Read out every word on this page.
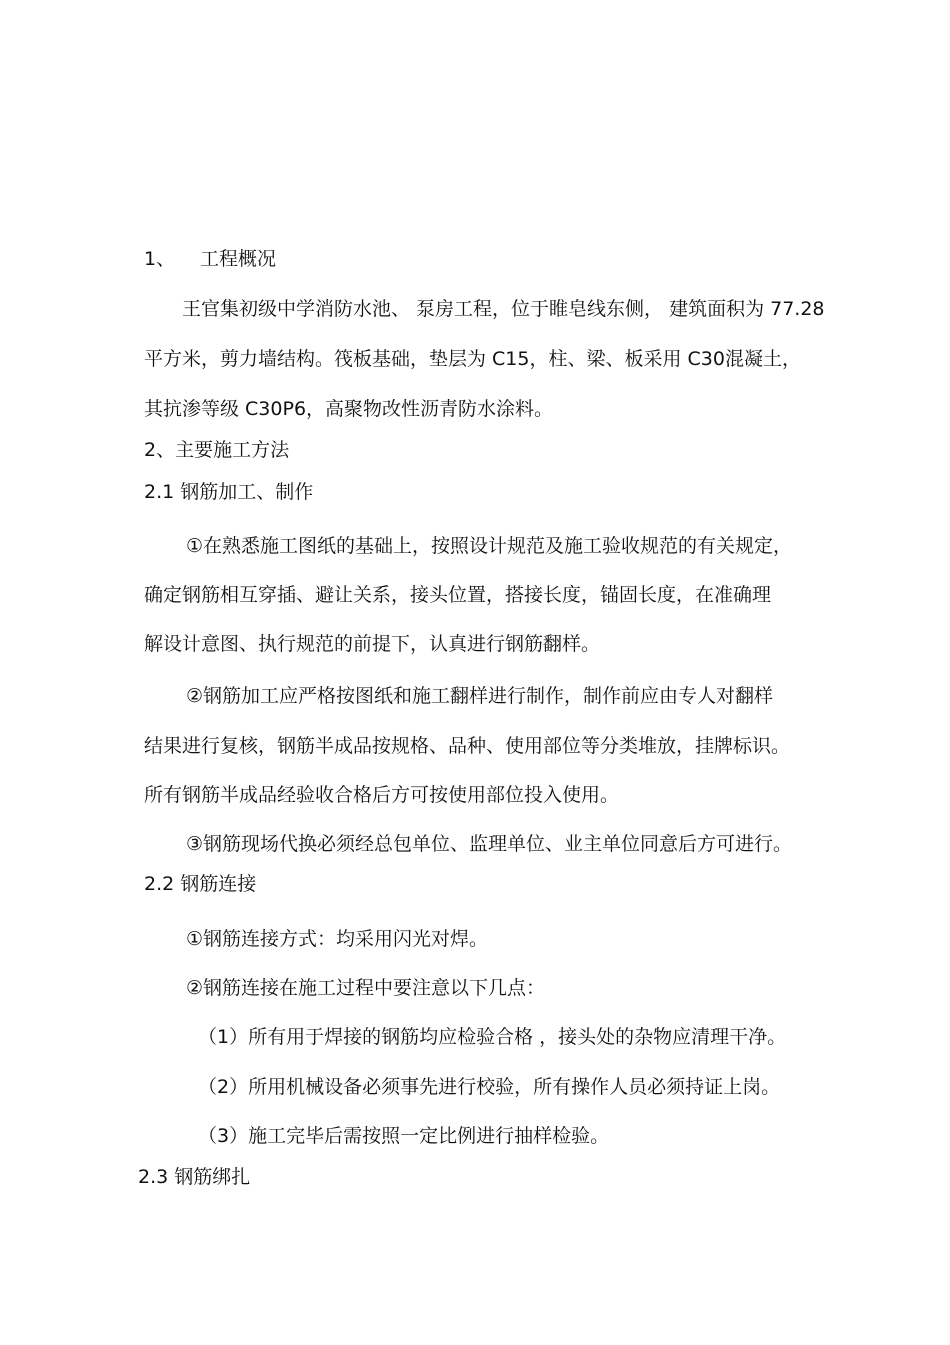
1、 工程概况
王官集初级中学消防水池、 泵房工程，位于睢皂线东侧， 建筑面积为 77.28
平方米，剪力墙结构。筏板基础，垫层为 C15，柱、梁、板采用 C30混凝土，
其抗渗等级 C30P6，高聚物改性沥青防水涂料。
2、主要施工方法
2.1 钢筋加工、制作
①在熟悉施工图纸的基础上，按照设计规范及施工验收规范的有关规定，
确定钢筋相互穿插、避让关系，接头位置，搭接长度，锚固长度，在准确理
解设计意图、执行规范的前提下，认真进行钢筋翻样。
②钢筋加工应严格按图纸和施工翻样进行制作，制作前应由专人对翻样
结果进行复核，钢筋半成品按规格、品种、使用部位等分类堆放，挂牌标识。
所有钢筋半成品经验收合格后方可按使用部位投入使用。
③钢筋现场代换必须经总包单位、监理单位、业主单位同意后方可进行。
2.2 钢筋连接
①钢筋连接方式：均采用闪光对焊。
②钢筋连接在施工过程中要注意以下几点：
（1）所有用于焊接的钢筋均应检验合格 ，接头处的杂物应清理干净。
（2）所用机械设备必须事先进行校验，所有操作人员必须持证上岗。
（3）施工完毕后需按照一定比例进行抽样检验。
2.3 钢筋绑扎
